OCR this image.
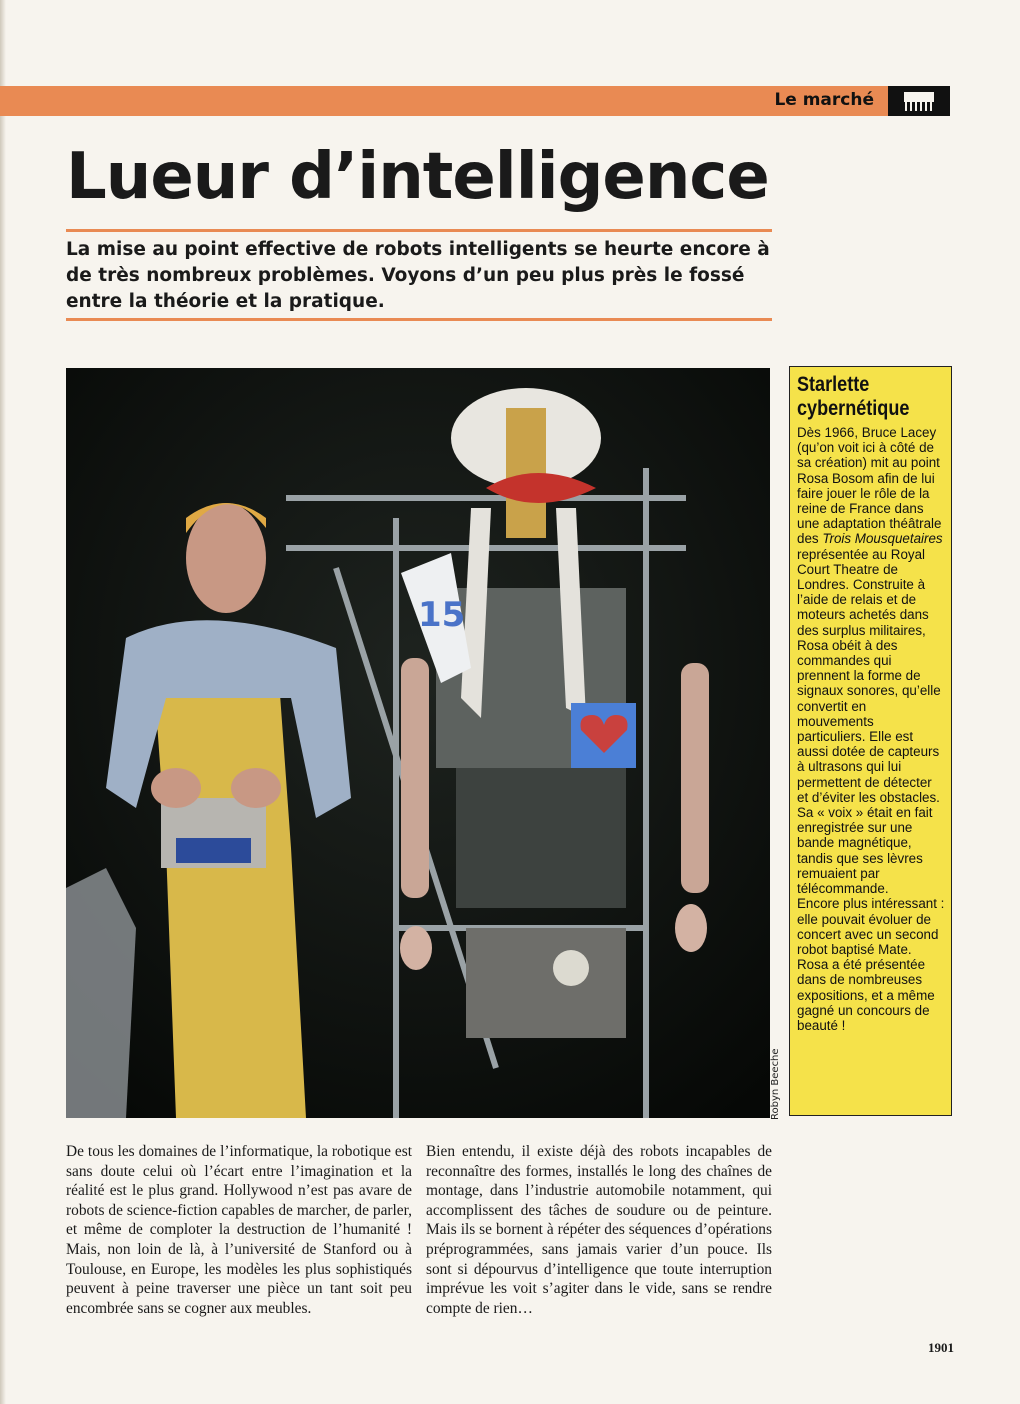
Le marché
Lueur d’intelligence

La mise au point effective de robots intelligents se heurte encore à de très nombreux problèmes. Voyons d’un peu plus près le fossé entre la théorie et la pratique.

15
Robyn Beeche
Starlette
cybernétique

Dès 1966, Bruce Lacey (qu’on voit ici à côté de sa création) mit au point Rosa Bosom afin de lui faire jouer le rôle de la reine de France dans une adaptation théâtrale des Trois Mousquetaires représentée au Royal Court Theatre de Londres. Construite à l’aide de relais et de moteurs achetés dans des surplus militaires, Rosa obéit à des commandes qui prennent la forme de signaux sonores, qu’elle convertit en mouvements particuliers. Elle est aussi dotée de capteurs à ultrasons qui lui permettent de détecter et d’éviter les obstacles. Sa « voix » était en fait enregistrée sur une bande magnétique, tandis que ses lèvres remuaient par télécommande.

Encore plus intéressant : elle pouvait évoluer de concert avec un second robot baptisé Mate.

Rosa a été présentée dans de nombreuses expositions, et a même gagné un concours de beauté !

De tous les domaines de l’informatique, la robotique est sans doute celui où l’écart entre l’imagination et la réalité est le plus grand. Hollywood n’est pas avare de robots de science-fiction capables de marcher, de parler, et même de comploter la destruction de l’humanité ! Mais, non loin de là, à l’université de Stanford ou à Toulouse, en Europe, les modèles les plus sophistiqués peuvent à peine traverser une pièce un tant soit peu encombrée sans se cogner aux meubles.

Bien entendu, il existe déjà des robots incapables de reconnaître des formes, installés le long des chaînes de montage, dans l’industrie automobile notamment, qui accomplissent des tâches de soudure ou de peinture. Mais ils se bornent à répéter des séquences d’opérations préprogrammées, sans jamais varier d’un pouce. Ils sont si dépourvus d’intelligence que toute interruption imprévue les voit s’agiter dans le vide, sans se rendre compte de rien…

1901
